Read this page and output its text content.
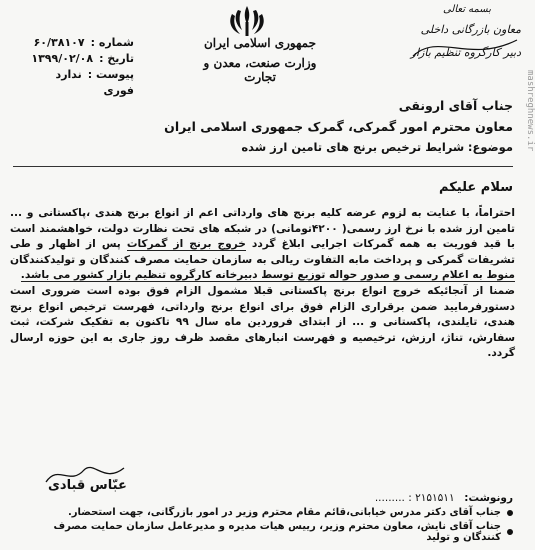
جمهوری اسلامی ایران
وزارت صنعت، معدن و تجارت
شماره :
۶۰/۳۸۱۰۷
تاریخ :
۱۳۹۹/۰۲/۰۸
پیوست :
ندارد
فوری
بسمه تعالی
معاون بازرگانی داخلی
دبیر کارگروه تنظیم بازار
mashreghnews.ir
جناب آقای ارونقی
معاون محترم امور گمرکی، گمرک جمهوری اسلامی ایران
موضوع: شرایط ترخیص برنج های تامین ارز شده
سلام علیکم

احتراماً، با عنایت به لزوم عرضه کلیه برنج های وارداتی اعم از انواع برنج هندی ،پاکستانی و ... تامین ارز شده با نرخ ارز رسمی( ۴۲۰۰تومانی) در شبکه های تحت نظارت دولت، خواهشمند است با قید فوریت به همه گمرکات اجرایی ابلاغ گردد خروج برنج از گمرکات پس از اظهار و طی تشریفات گمرکی و پرداخت مابه التفاوت ریالی به سازمان حمایت مصرف کنندگان و تولیدکنندگان منوط به اعلام رسمی و صدور حواله توزیع توسط دبیرخانه کارگروه تنظیم بازار کشور می باشد.

ضمنا از آنجائیکه خروج انواع برنج پاکستانی قبلا مشمول الزام فوق بوده است ضروری است دستورفرمایید ضمن برقراری الزام فوق برای انواع برنج وارداتی، فهرست ترخیص انواع برنج هندی، تایلندی، پاکستانی و ... از ابتدای فروردین ماه سال ۹۹ تاکنون به تفکیک شرکت، ثبت سفارش، تناژ، ارزش، ترخیصیه و فهرست انبارهای مقصد ظرف روز جاری به این حوزه ارسال گردد.

عبّاس قبادی
رونوشت: ۲۱۵۱۵۱۱ : .........
جناب آقای دکتر مدرس خیابانی،قائم مقام محترم وزیر در امور بازرگانی، جهت استحضار.
جناب آقای نایش، معاون محترم وزیر، رییس هیات مدیره و مدیرعامل سازمان حمایت مصرف کنندگان و تولید
